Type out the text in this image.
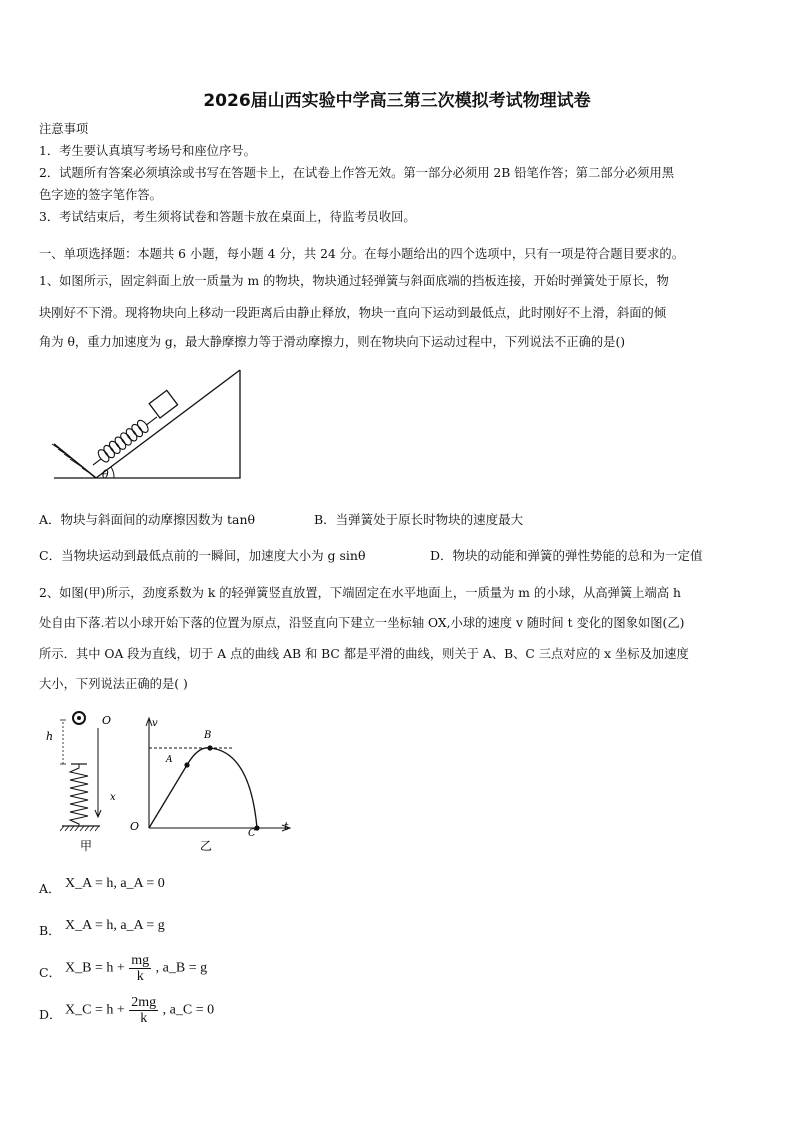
2026届山西实验中学高三第三次模拟考试物理试卷
注意事项
1．考生要认真填写考场号和座位序号。
2．试题所有答案必须填涂或书写在答题卡上，在试卷上作答无效。第一部分必须用 2B 铅笔作答；第二部分必须用黑
色字迹的签字笔作答。
3．考试结束后，考生须将试卷和答题卡放在桌面上，待监考员收回。
一、单项选择题：本题共 6 小题，每小题 4 分，共 24 分。在每小题给出的四个选项中，只有一项是符合题目要求的。
1、如图所示，固定斜面上放一质量为 m 的物块，物块通过轻弹簧与斜面底端的挡板连接，开始时弹簧处于原长，物
块刚好不下滑。现将物块向上移动一段距离后由静止释放，物块一直向下运动到最低点，此时刚好不上滑，斜面的倾
角为 θ，重力加速度为 g，最大静摩擦力等于滑动摩擦力，则在物块向下运动过程中，下列说法不正确的是()
θ
A．物块与斜面间的动摩擦因数为 tanθ	B．当弹簧处于原长时物块的速度最大
C．当物块运动到最低点前的一瞬间，加速度大小为 g sinθ	D．物块的动能和弹簧的弹性势能的总和为一定值
2、如图(甲)所示，劲度系数为 k 的轻弹簧竖直放置，下端固定在水平地面上，一质量为 m 的小球，从高弹簧上端高 h
处自由下落.若以小球开始下落的位置为原点，沿竖直向下建立一坐标轴 OX,小球的速度 v 随时间 t 变化的图象如图(乙)
所示．其中 OA 段为直线，切于 A 点的曲线 AB 和 BC 都是平滑的曲线，则关于 A、B、C 三点对应的 x 坐标及加速度
大小，下列说法正确的是( )
O
h
x
甲
v
O	t
A
B
C
乙
A． X_A = h, a_A = 0
B． X_A = h, a_A = g
C． X_B = $h + \frac{mg}{k}$ , a_B = g
D． X_C = $h + \frac{2mg}{k}$ , a_C = 0
